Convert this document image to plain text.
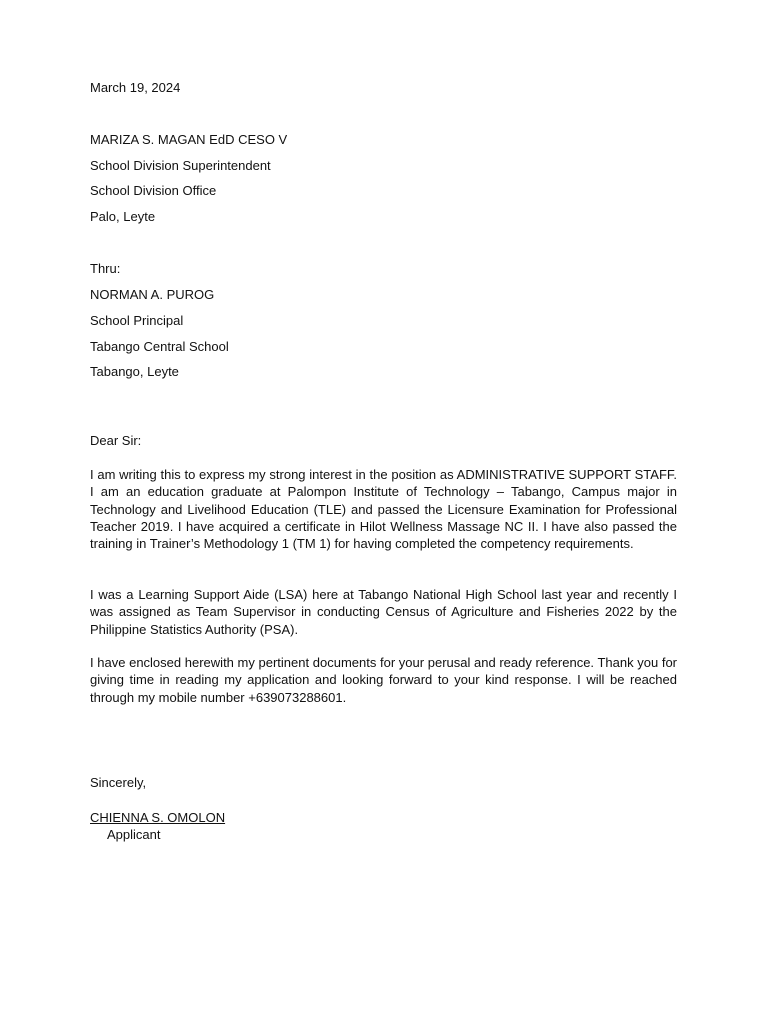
March 19, 2024
MARIZA S. MAGAN EdD CESO V
School Division Superintendent
School Division Office
Palo, Leyte
Thru:
NORMAN A. PUROG
School Principal
Tabango Central School
Tabango, Leyte
Dear Sir:
I am writing this to express my strong interest in the position as ADMINISTRATIVE SUPPORT STAFF. I am an education graduate at Palompon Institute of Technology – Tabango, Campus major in Technology and Livelihood Education (TLE) and passed the Licensure Examination for Professional Teacher 2019. I have acquired a certificate in Hilot Wellness Massage NC II. I have also passed the training in Trainer’s Methodology 1 (TM 1) for having completed the competency requirements.
I was a Learning Support Aide (LSA) here at Tabango National High School last year and recently I was assigned as Team Supervisor in conducting Census of Agriculture and Fisheries 2022 by the Philippine Statistics Authority (PSA).
I have enclosed herewith my pertinent documents for your perusal and ready reference. Thank you for giving time in reading my application and looking forward to your kind response. I will be reached through my mobile number +639073288601.
Sincerely,
CHIENNA S. OMOLON
Applicant
